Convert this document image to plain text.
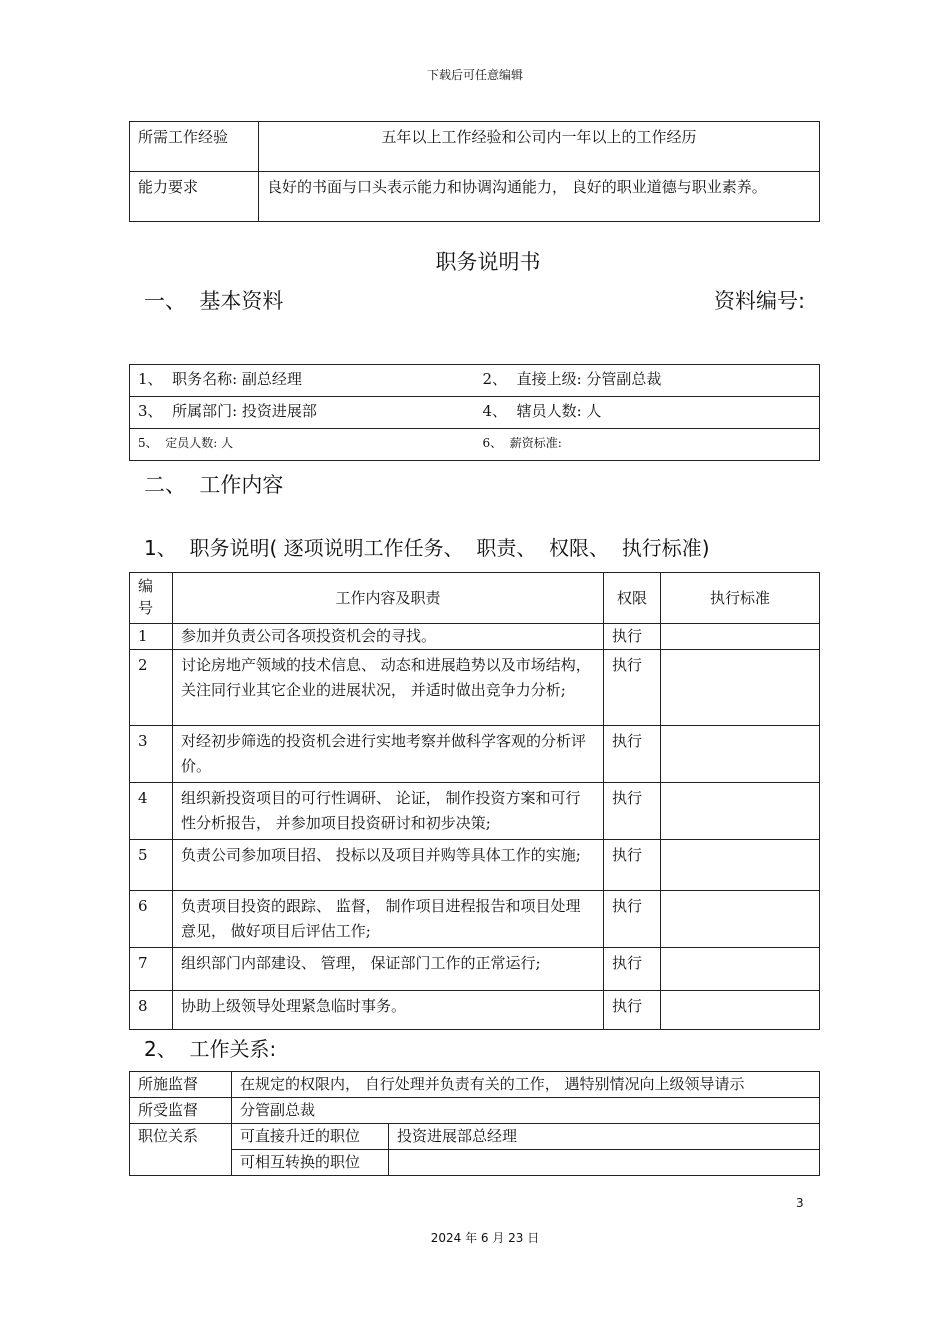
下载后可任意编辑
所需工作经验	五年以上工作经验和公司内一年以上的工作经历
能力要求	良好的书面与口头表示能力和协调沟通能力， 良好的职业道德与职业素养。
职务说明书
一、  基本资料	资料编号:
1、  职务名称: 副总经理	2、  直接上级: 分管副总裁
3、  所属部门: 投资进展部	4、  辖员人数: 人
5、  定员人数: 人	6、  薪资标准:
二、  工作内容
1、  职务说明( 逐项说明工作任务、  职责、  权限、  执行标准)
编号	工作内容及职责	权限	执行标准
1	参加并负责公司各项投资机会的寻找。	执行	
2	讨论房地产领域的技术信息、 动态和进展趋势以及市场结构， 关注同行业其它企业的进展状况， 并适时做出竞争力分析;	执行	
3	对经初步筛选的投资机会进行实地考察并做科学客观的分析评价。	执行	
4	组织新投资项目的可行性调研、 论证， 制作投资方案和可行性分析报告， 并参加项目投资研讨和初步决策;	执行	
5	负责公司参加项目招、 投标以及项目并购等具体工作的实施;	执行	
6	负责项目投资的跟踪、 监督， 制作项目进程报告和项目处理意见， 做好项目后评估工作;	执行	
7	组织部门内部建设、 管理， 保证部门工作的正常运行;	执行	
8	协助上级领导处理紧急临时事务。	执行	
2、  工作关系:
所施监督	在规定的权限内， 自行处理并负责有关的工作， 遇特别情况向上级领导请示	
所受监督	分管副总裁	
职位关系	可直接升迁的职位	投资进展部总经理
	可相互转换的职位	
3
2024 年 6 月 23 日
